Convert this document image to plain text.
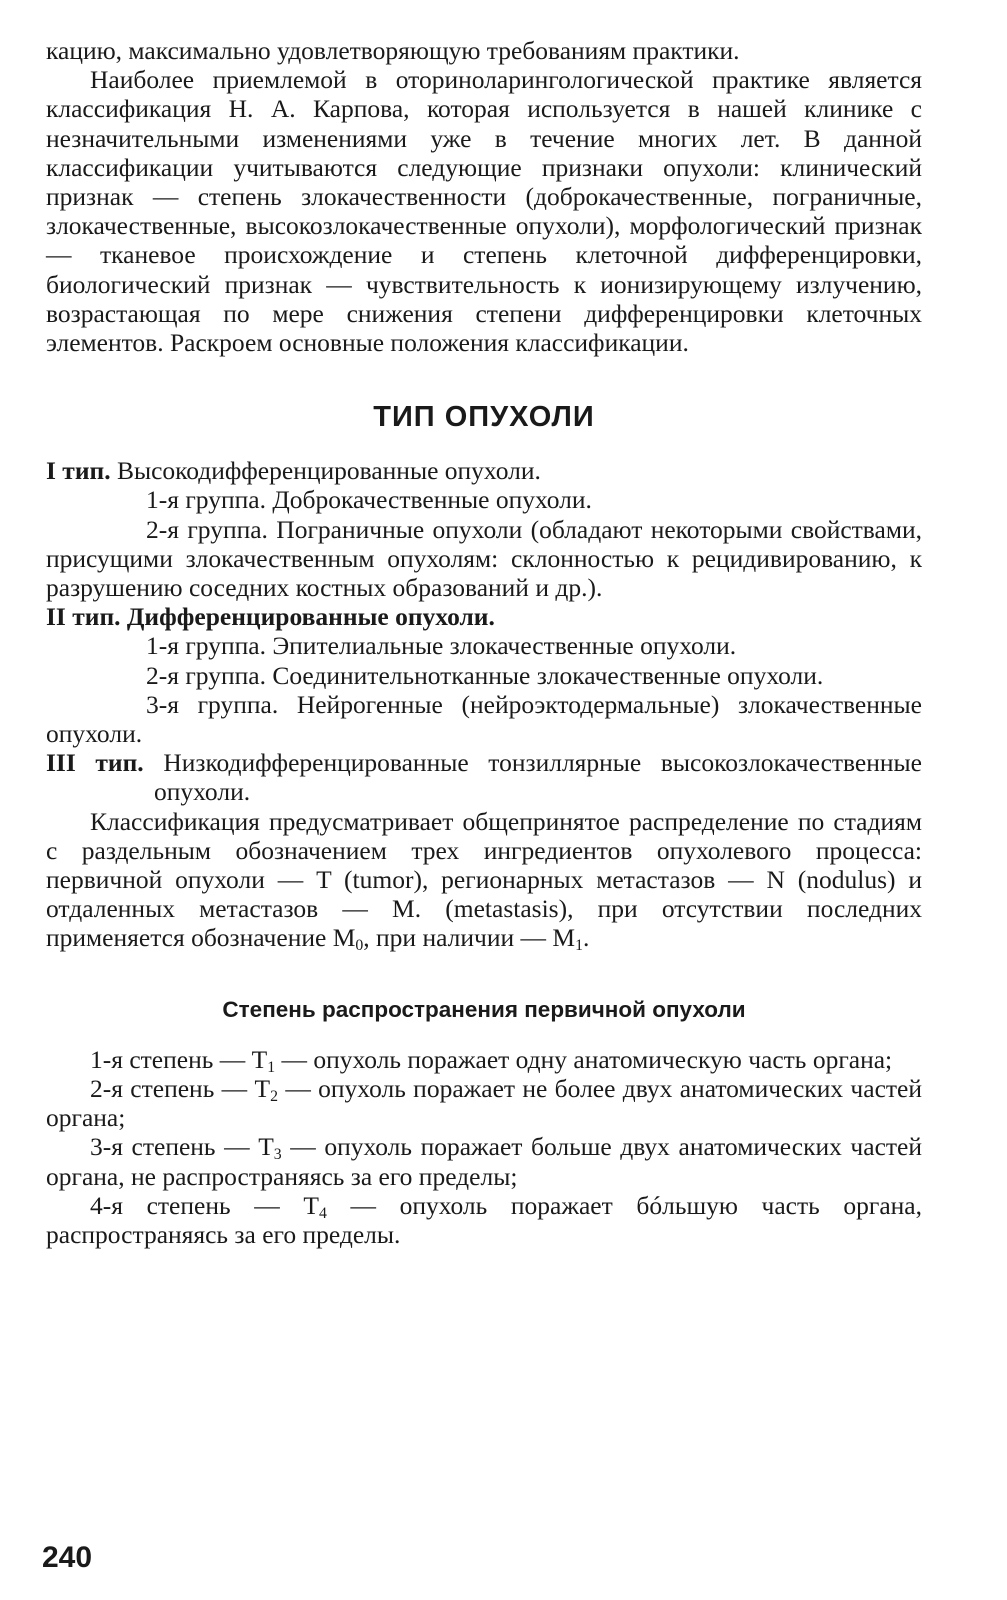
кацию, максимально удовлетворяющую требованиям практики.

Наиболее приемлемой в оториноларингологической практике является классификация Н. А. Карпова, которая используется в нашей клинике с незначительными изменениями уже в течение многих лет. В данной классификации учитываются следующие признаки опухоли: клинический признак — степень злокачественности (доброкачественные, пограничные, злокачественные, высокозлокачественные опухоли), морфологический признак — тканевое происхождение и степень клеточной дифференцировки, биологический признак — чувствительность к ионизирующему излучению, возрастающая по мере снижения степени дифференцировки клеточных элементов. Раскроем основные положения классификации.

ТИП ОПУХОЛИ

I тип. Высокодифференцированные опухоли.

1-я группа. Доброкачественные опухоли.

2-я группа. Пограничные опухоли (обладают некоторыми свойствами, присущими злокачественным опухолям: склонностью к рецидивированию, к разрушению соседних костных образований и др.).

II тип. Дифференцированные опухоли.

1-я группа. Эпителиальные злокачественные опухоли.

2-я группа. Соединительнотканные злокачественные опухоли.

3-я группа. Нейрогенные (нейроэктодермальные) злокачественные опухоли.

III тип. Низкодифференцированные тонзиллярные высокозлокачественные опухоли.

Классификация предусматривает общепринятое распределение по стадиям с раздельным обозначением трех ингредиентов опухолевого процесса: первичной опухоли — T (tumor), регионарных метастазов — N (nodulus) и отдаленных метастазов — M. (metastasis), при отсутствии последних применяется обозначение $M_0$, при наличии — $M_1$.

Степень распространения первичной опухоли

1-я степень — $T_1$ — опухоль поражает одну анатомическую часть органа;

2-я степень — $T_2$ — опухоль поражает не более двух анатомических частей органа;

3-я степень — $T_3$ — опухоль поражает больше двух анатомических частей органа, не распространяясь за его пределы;

4-я степень — $T_4$ — опухоль поражает бóльшую часть органа, распространяясь за его пределы.

240
